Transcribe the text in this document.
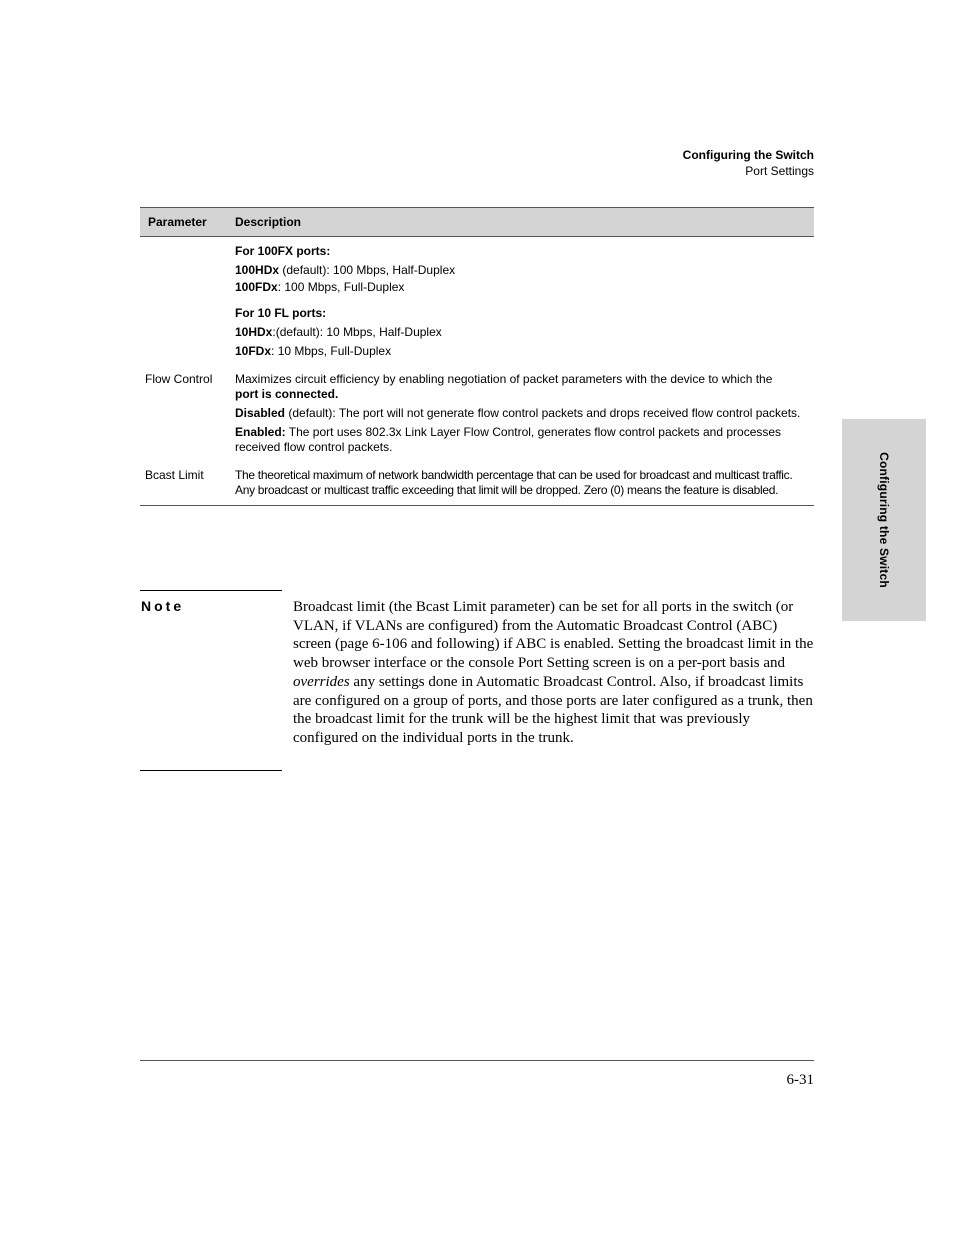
Configuring the Switch
Port Settings
Configuring the Switch
Parameter	Description

For 100FX ports:

100HDx (default): 100 Mbps, Half-Duplex

100FDx: 100 Mbps, Full-Duplex

For 10 FL ports:

10HDx:(default): 10 Mbps, Half-Duplex

10FDx: 10 Mbps, Full-Duplex

Flow Control	Maximizes circuit efficiency by enabling negotiation of packet parameters with the device to which the
port is connected.

Disabled (default): The port will not generate flow control packets and drops received flow control packets.

Enabled: The port uses 802.3x Link Layer Flow Control, generates flow control packets and processes received flow control packets.

Bcast Limit	The theoretical maximum of network bandwidth percentage that can be used for broadcast and multicast traffic. Any broadcast or multicast traffic exceeding that limit will be dropped. Zero (0) means the feature is disabled.

Note	Broadcast limit (the Bcast Limit parameter) can be set for all ports in the switch (or VLAN, if VLANs are configured) from the Automatic Broadcast Control (ABC) screen (page 6-106 and following) if ABC is enabled. Setting the broadcast limit in the web browser interface or the console Port Setting screen is on a per-port basis and overrides any settings done in Automatic Broadcast Control. Also, if broadcast limits are configured on a group of ports, and those ports are later configured as a trunk, then the broadcast limit for the trunk will be the highest limit that was previously configured on the individual ports in the trunk.
6-31
